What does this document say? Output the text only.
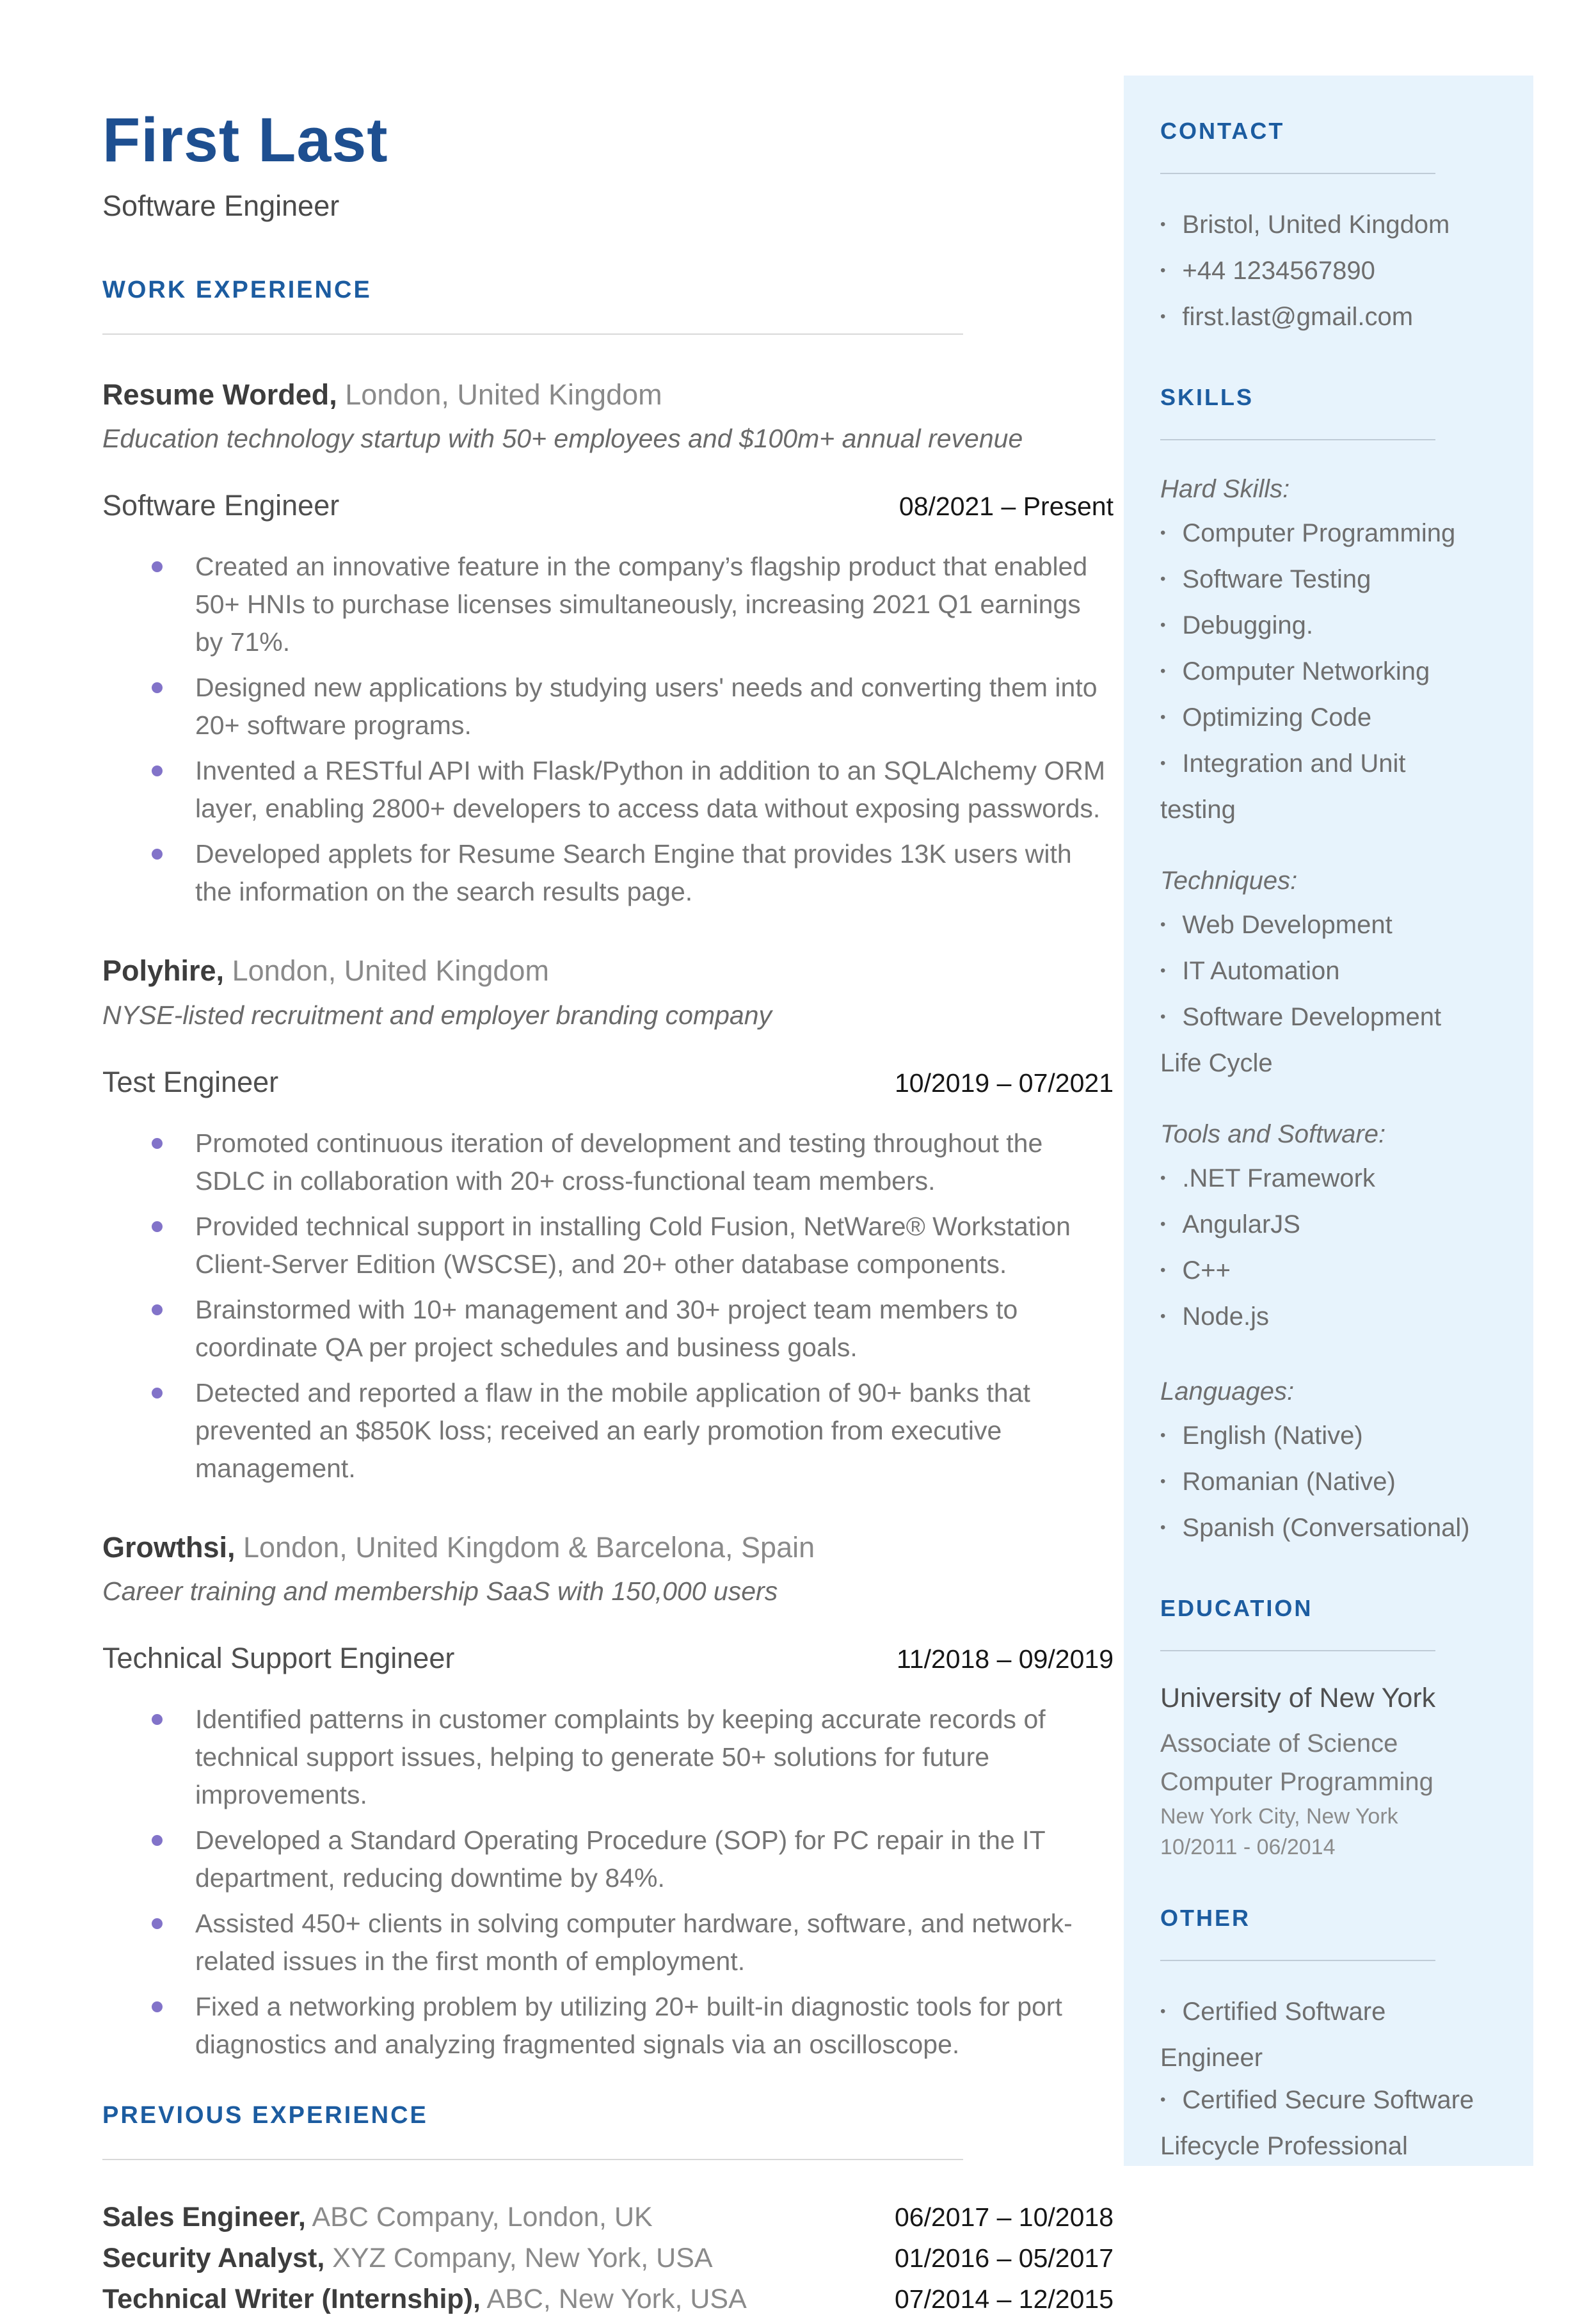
First Last
Software Engineer
WORK EXPERIENCE
Resume Worded, London, United Kingdom
Education technology startup with 50+ employees and $100m+ annual revenue
Software Engineer	08/2021 – Present
Created an innovative feature in the company’s flagship product that enabled 50+ HNIs to purchase licenses simultaneously, increasing 2021 Q1 earnings by 71%.
Designed new applications by studying users' needs and converting them into 20+ software programs.
Invented a RESTful API with Flask/Python in addition to an SQLAlchemy ORM layer, enabling 2800+ developers to access data without exposing passwords.
Developed applets for Resume Search Engine that provides 13K users with the information on the search results page.
Polyhire, London, United Kingdom
NYSE-listed recruitment and employer branding company
Test Engineer	10/2019 – 07/2021
Promoted continuous iteration of development and testing throughout the SDLC in collaboration with 20+ cross-functional team members.
Provided technical support in installing Cold Fusion, NetWare® Workstation Client-Server Edition (WSCSE), and 20+ other database components.
Brainstormed with 10+ management and 30+ project team members to coordinate QA per project schedules and business goals.
Detected and reported a flaw in the mobile application of 90+ banks that prevented an $850K loss; received an early promotion from executive management.
Growthsi, London, United Kingdom & Barcelona, Spain
Career training and membership SaaS with 150,000 users
Technical Support Engineer	11/2018 – 09/2019
Identified patterns in customer complaints by keeping accurate records of technical support issues, helping to generate 50+ solutions for future improvements.
Developed a Standard Operating Procedure (SOP) for PC repair in the IT department, reducing downtime by 84%.
Assisted 450+ clients in solving computer hardware, software, and network-related issues in the first month of employment.
Fixed a networking problem by utilizing 20+ built-in diagnostic tools for port diagnostics and analyzing fragmented signals via an oscilloscope.
PREVIOUS EXPERIENCE
Sales Engineer, ABC Company, London, UK	06/2017 – 10/2018
Security Analyst, XYZ Company, New York, USA	01/2016 – 05/2017
Technical Writer (Internship), ABC, New York, USA	07/2014 – 12/2015
CONTACT
• Bristol, United Kingdom
• +44 1234567890
• first.last@gmail.com
SKILLS
Hard Skills:
• Computer Programming
• Software Testing
• Debugging.
• Computer Networking
• Optimizing Code
• Integration and Unit testing
Techniques:
• Web Development
• IT Automation
• Software Development Life Cycle
Tools and Software:
• .NET Framework
• AngularJS
• C++
• Node.js
Languages:
• English (Native)
• Romanian (Native)
• Spanish (Conversational)
EDUCATION
University of New York
Associate of Science
Computer Programming
New York City, New York
10/2011 - 06/2014
OTHER
• Certified Software Engineer
• Certified Secure Software Lifecycle Professional
